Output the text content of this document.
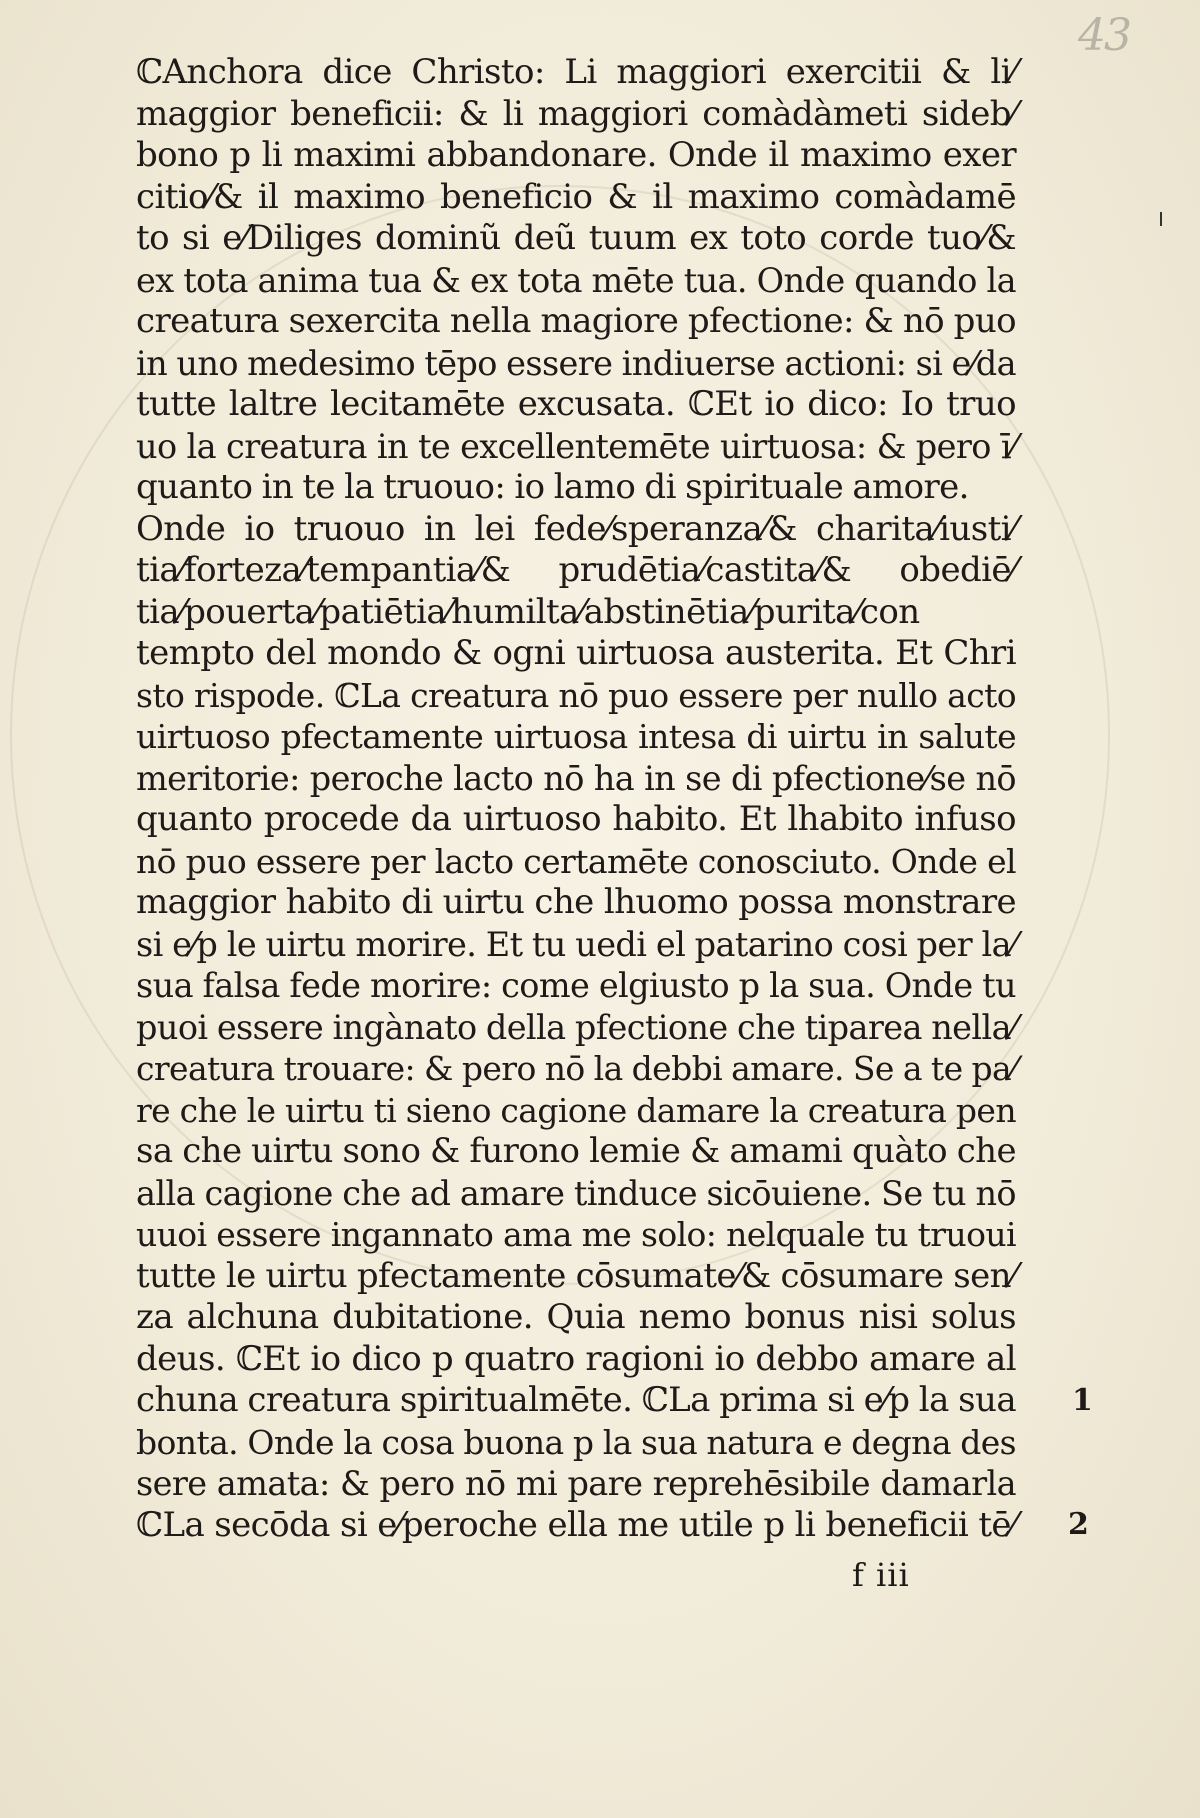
43
ℂAnchora dice Christo: Li maggiori exercitii & li⁄
maggior beneficii: & li maggiori comàdàmeti sideb⁄
bono p li maximi abbandonare. Onde il maximo exer
citio⁄& il maximo beneficio & il maximo comàdamē
to si e⁄Diliges dominũ deũ tuum ex toto corde tuo⁄&
ex tota anima tua & ex tota mēte tua. Onde quando la
creatura sexercita nella magiore pfectione: & nō puo
in uno medesimo tēpo essere indiuerse actioni: si e⁄da
tutte laltre lecitamēte excusata. ℂEt io dico: Io truo
uo la creatura in te excellentemēte uirtuosa: & pero ī⁄
quanto in te la truouo: io lamo di spirituale amore.
Onde io truouo in lei fede⁄speranza⁄& charita⁄iusti⁄
tia⁄forteza⁄tempantia⁄& prudētia⁄castita⁄& obediē⁄
tia⁄pouerta⁄patiētia⁄humilta⁄abstinētia⁄purita⁄con
tempto del mondo & ogni uirtuosa austerita. Et Chri
sto rispode. ℂLa creatura nō puo essere per nullo acto
uirtuoso pfectamente uirtuosa intesa di uirtu in salute
meritorie: peroche lacto nō ha in se di pfectione⁄se nō
quanto procede da uirtuoso habito. Et lhabito infuso
nō puo essere per lacto certamēte conosciuto. Onde el
maggior habito di uirtu che lhuomo possa monstrare
si e⁄p le uirtu morire. Et tu uedi el patarino cosi per la⁄
sua falsa fede morire: come elgiusto p la sua. Onde tu
puoi essere ingànato della pfectione che tiparea nella⁄
creatura trouare: & pero nō la debbi amare. Se a te pa⁄
re che le uirtu ti sieno cagione damare la creatura pen
sa che uirtu sono & furono lemie & amami quàto che
alla cagione che ad amare tinduce sicōuiene. Se tu nō
uuoi essere ingannato ama me solo: nelquale tu truoui
tutte le uirtu pfectamente cōsumate⁄& cōsumare sen⁄
za alchuna dubitatione. Quia nemo bonus nisi solus
deus. ℂEt io dico p quatro ragioni io debbo amare al
chuna creatura spiritualmēte. ℂLa prima si e⁄p la sua
bonta. Onde la cosa buona p la sua natura e degna des
sere amata: & pero nō mi pare reprehēsibile damarla
ℂLa secōda si e⁄peroche ella me utile p li beneficii tē⁄
1
2
f iii
